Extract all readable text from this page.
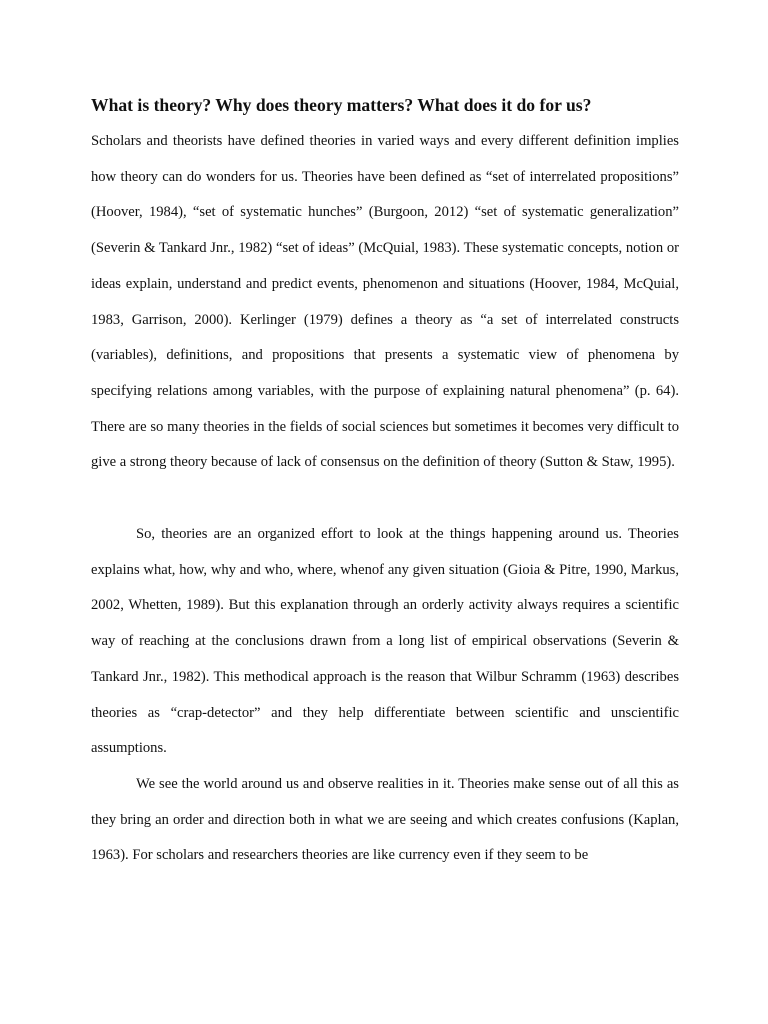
What is theory? Why does theory matters? What does it do for us?

Scholars and theorists have defined theories in varied ways and every different definition implies how theory can do wonders for us. Theories have been defined as “set of interrelated propositions” (Hoover, 1984), “set of systematic hunches” (Burgoon, 2012) “set of systematic generalization” (Severin & Tankard Jnr., 1982) “set of ideas” (McQuial, 1983). These systematic concepts, notion or ideas explain, understand and predict events, phenomenon and situations (Hoover, 1984, McQuial, 1983, Garrison, 2000). Kerlinger (1979) defines a theory as “a set of interrelated constructs (variables), definitions, and propositions that presents a systematic view of phenomena by specifying relations among variables, with the purpose of explaining natural phenomena” (p. 64). There are so many theories in the fields of social sciences but sometimes it becomes very difficult to give a strong theory because of lack of consensus on the definition of theory (Sutton & Staw, 1995).

So, theories are an organized effort to look at the things happening around us. Theories explains what, how, why and who, where, whenof any given situation (Gioia & Pitre, 1990, Markus, 2002, Whetten, 1989). But this explanation through an orderly activity always requires a scientific way of reaching at the conclusions drawn from a long list of empirical observations (Severin & Tankard Jnr., 1982). This methodical approach is the reason that Wilbur Schramm (1963) describes theories as “crap-detector” and they help differentiate between scientific and unscientific assumptions.

We see the world around us and observe realities in it. Theories make sense out of all this as they bring an order and direction both in what we are seeing and which creates confusions (Kaplan, 1963). For scholars and researchers theories are like currency even if they seem to be
